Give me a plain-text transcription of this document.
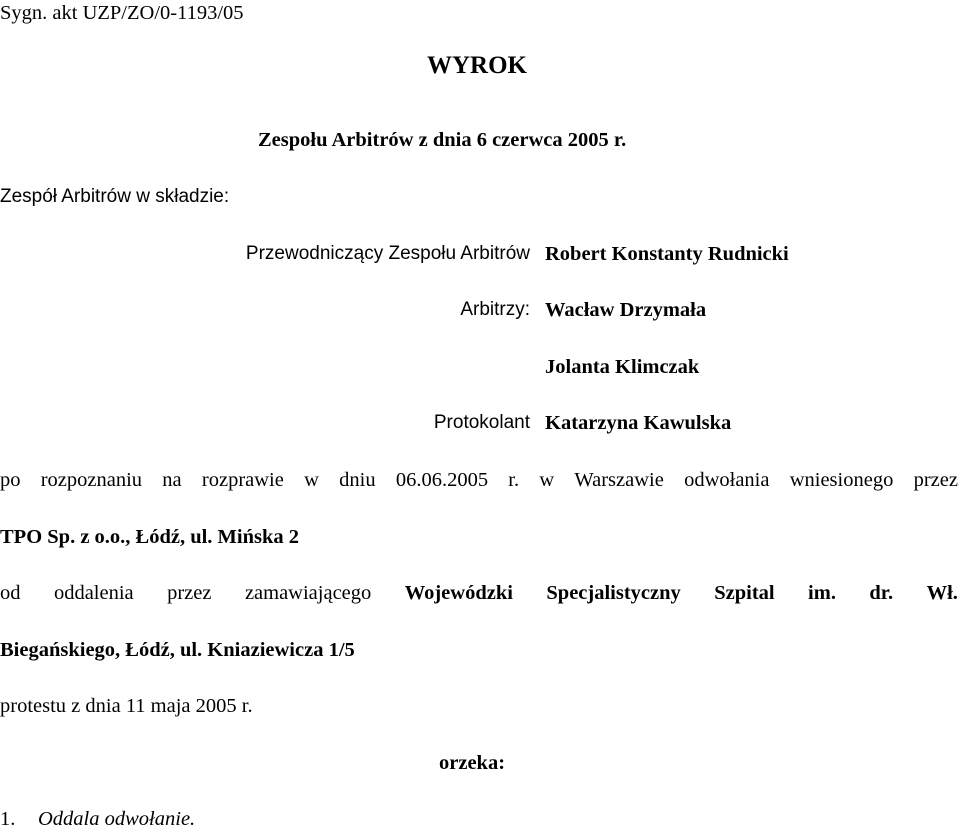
Sygn. akt UZP/ZO/0-1193/05
WYROK
Zespołu Arbitrów z dnia 6 czerwca 2005 r.
Zespół Arbitrów w składzie:
Przewodniczący Zespołu Arbitrów Robert Konstanty Rudnicki
Arbitrzy: Wacław Drzymała
Jolanta Klimczak
Protokolant Katarzyna Kawulska
po rozpoznaniu na rozprawie w dniu 06.06.2005 r. w Warszawie odwołania wniesionego przez
TPO Sp. z o.o., Łódź, ul. Mińska 2
od oddalenia przez zamawiającego Wojewódzki Specjalistyczny Szpital im. dr. Wł.
Biegańskiego, Łódź, ul. Kniaziewicza 1/5
protestu z dnia 11 maja 2005 r.
orzeka:
1. Oddala odwołanie.
